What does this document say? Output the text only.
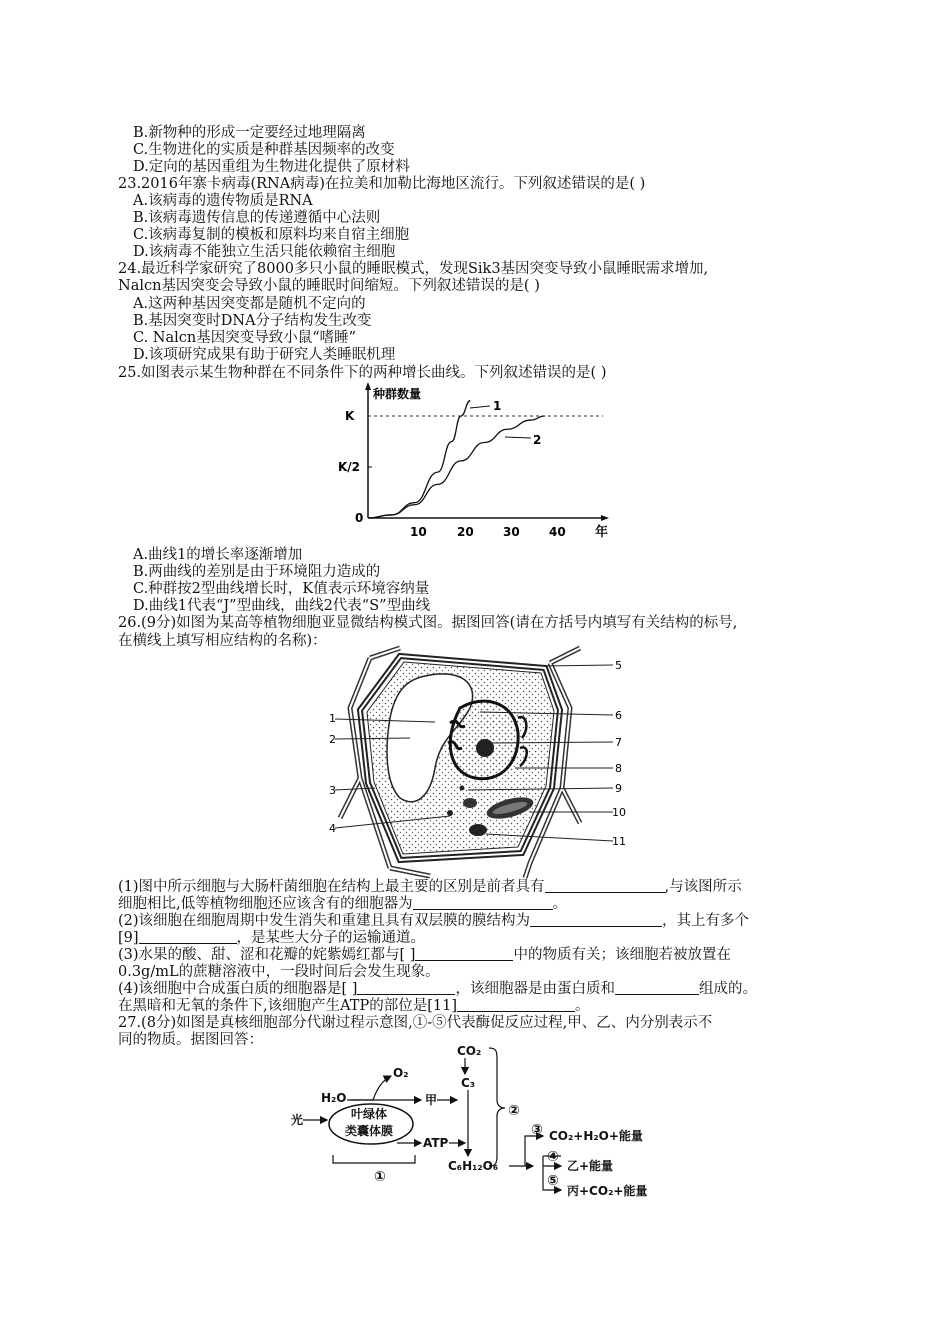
B.新物种的形成一定要经过地理隔离
C.生物进化的实质是种群基因频率的改变
D.定向的基因重组为生物进化提供了原材料
23.2016年寨卡病毒(RNA病毒)在拉美和加勒比海地区流行。下列叙述错误的是( )
A.该病毒的遗传物质是RNA
B.该病毒遗传信息的传递遵循中心法则
C.该病毒复制的模板和原料均来自宿主细胞
D.该病毒不能独立生活只能依赖宿主细胞
24.最近科学家研究了8000多只小鼠的睡眠模式，发现Sik3基因突变导致小鼠睡眠需求增加,
Nalcn基因突变会导致小鼠的睡眠时间缩短。下列叙述错误的是( )
A.这两种基因突变都是随机不定向的
B.基因突变时DNA分子结构发生改变
C. Nalcn基因突变导致小鼠“嗜睡”
D.该项研究成果有助于研究人类睡眠机理
25.如图表示某生物种群在不同条件下的两种增长曲线。下列叙述错误的是( )
种群数量
年
K
K/2
0
10	20 30 40
1
2
A.曲线1的增长率逐渐增加
B.两曲线的差别是由于环境阻力造成的
C.种群按2型曲线增长时，K值表示环境容纳量
D.曲线1代表“J”型曲线，曲线2代表“S”型曲线
26.(9分)如图为某高等植物细胞亚显微结构模式图。据图回答(请在方括号内填写有关结构的标号,
在横线上填写相应结构的名称)：
1
2
3
4
5
6
7
8
9
10
11
(1)图中所示细胞与大肠杆菌细胞在结构上最主要的区别是前者具有	,与该图所示
细胞相比,低等植物细胞还应该含有的细胞器为	。
(2)该细胞在细胞周期中发生消失和重建且具有双层膜的膜结构为	，其上有多个
[9]	，是某些大分子的运输通道。
(3)水果的酸、甜、涩和花瓣的姹紫嫣红都与[ ]	中的物质有关；该细胞若被放置在
0.3g/mL的蔗糖溶液中，一段时间后会发生现象。
(4)该细胞中合成蛋白质的细胞器是[ ]	，该细胞器是由蛋白质和	组成的。
在黑暗和无氧的条件下,该细胞产生ATP的部位是[11]	。
27.(8分)如图是真核细胞部分代谢过程示意图,①-⑤代表酶促反应过程,甲、乙、内分别表示不
同的物质。据图回答：
CO₂
C₃
H₂O
O₂
甲
光	叶绿体
类囊体膜
ATP
C₆H₁₂O₆
①
②
③
④
⑤
CO₂+H₂O+能量
乙+能量
丙+CO₂+能量
